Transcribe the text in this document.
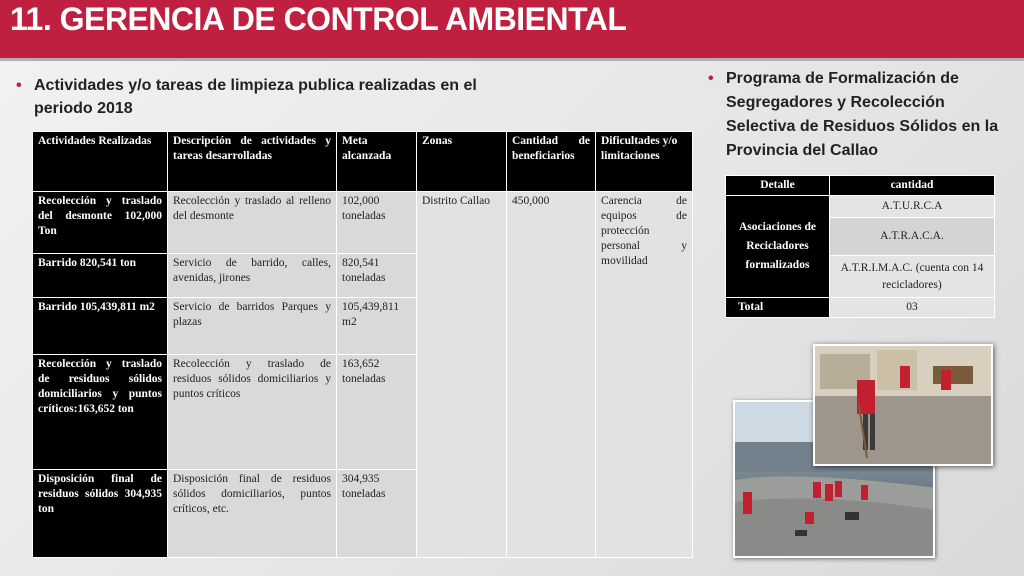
11. GERENCIA DE CONTROL AMBIENTAL
• Actividades y/o tareas de limpieza publica realizadas en el periodo 2018
• Programa de Formalización de Segregadores y Recolección Selectiva de Residuos Sólidos en la Provincia del Callao
Actividades Realizadas	Descripción de actividades y tareas desarrolladas	Meta alcanzada	Zonas	Cantidad de beneficiarios	Dificultades y/o limitaciones
Recolección y traslado del desmonte 102,000 Ton	Recolección y traslado al relleno del desmonte	102,000 toneladas	Distrito Callao	450,000	Carencia de equipos de protección personal y movilidad
Barrido 820,541 ton	Servicio de barrido, calles, avenidas, jirones	820,541 toneladas			
Barrido 105,439,811 m2	Servicio de barridos Parques y plazas	105,439,811 m2			
Recolección y traslado de residuos sólidos domiciliarios y puntos críticos:163,652 ton	Recolección y traslado de residuos sólidos domiciliarios y puntos críticos	163,652 toneladas			
Disposición final de residuos sólidos 304,935 ton	Disposición final de residuos sólidos domiciliarios, puntos críticos, etc.	304,935 toneladas			
Detalle	cantidad
Asociaciones de Recicladores formalizados	A.T.U.R.C.A
	A.T.R.A.C.A.
	A.T.R.I.M.A.C. (cuenta con 14 recicladores)
Total	03
